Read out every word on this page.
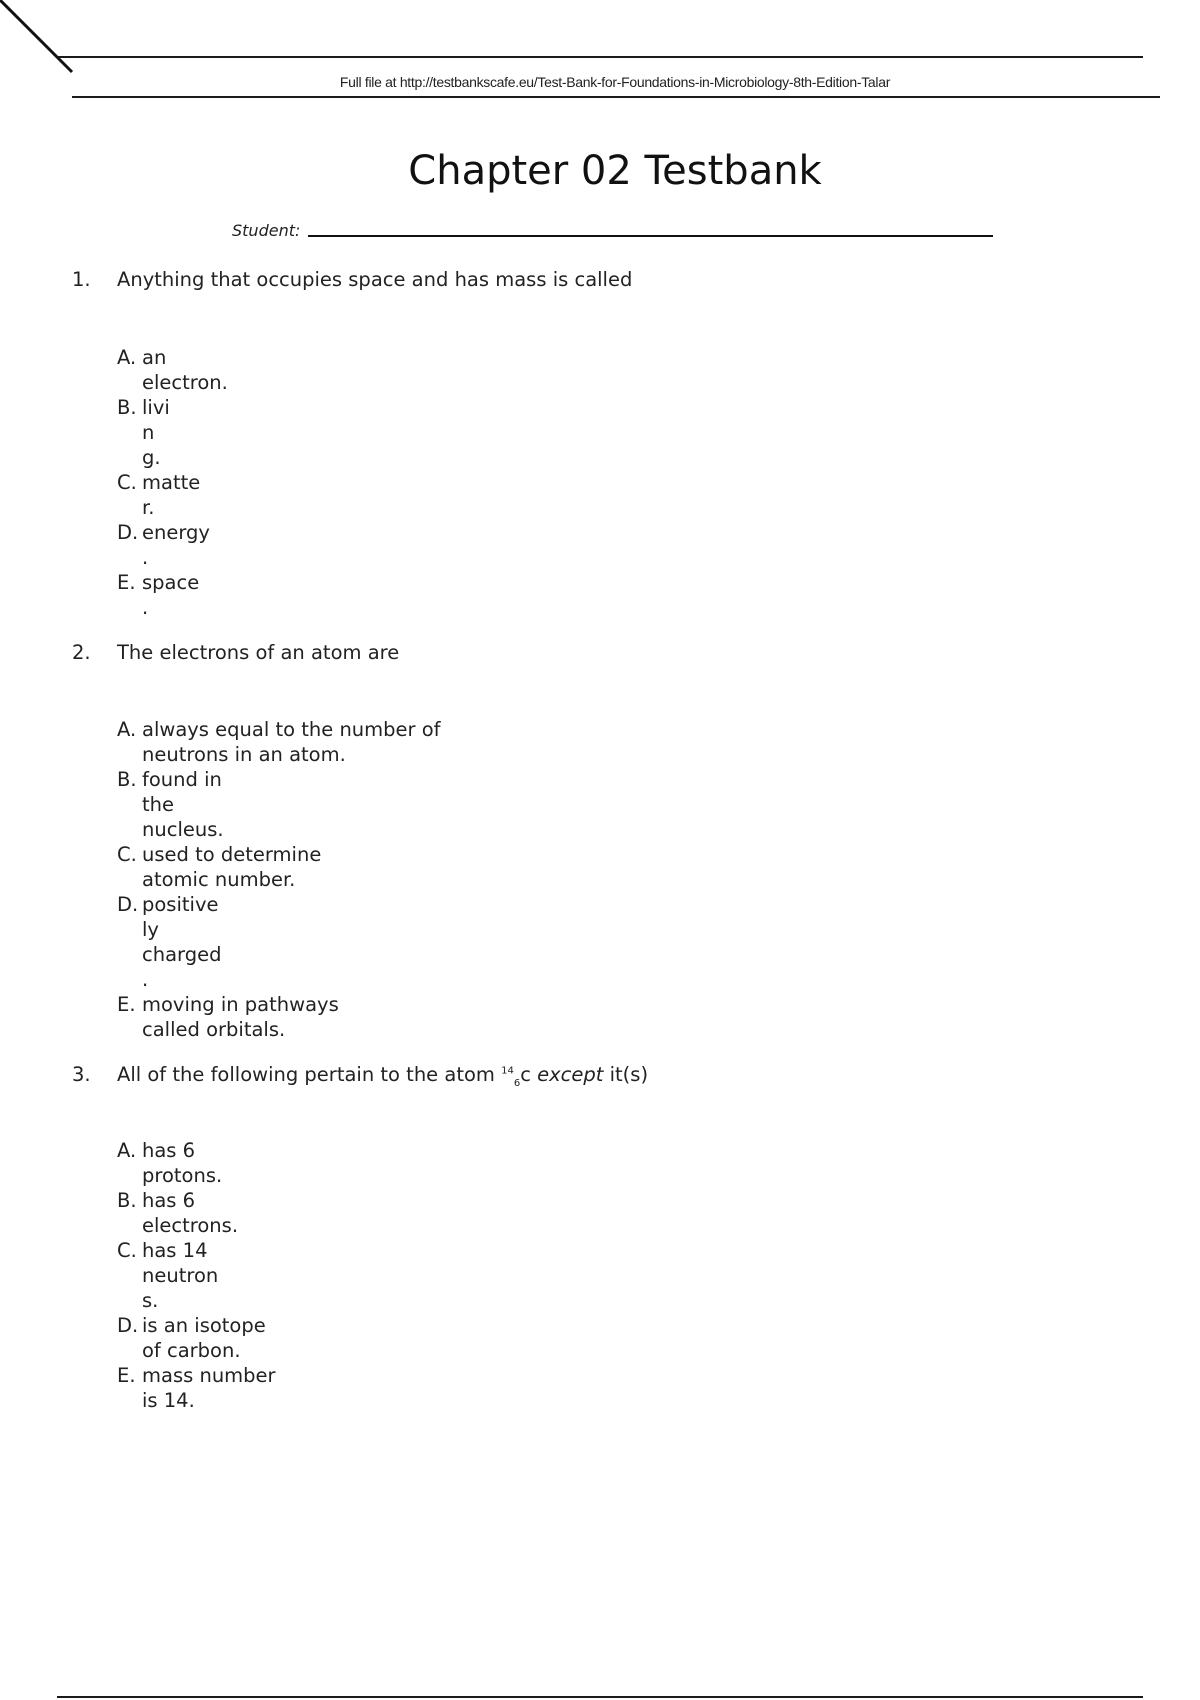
Full file at http://testbankscafe.eu/Test-Bank-for-Foundations-in-Microbiology-8th-Edition-Talar
Chapter 02 Testbank
Student:
1. Anything that occupies space and has mass is called
A. an
electron.
B. livi
n
g.
C. matte
r.
D. energy
.
E. space
.
2. The electrons of an atom are
A. always equal to the number of
neutrons in an atom.
B. found in
the
nucleus.
C. used to determine
atomic number.
D. positive
ly
charged
.
E. moving in pathways
called orbitals.
3. All of the following pertain to the atom $^{14}_6$c except it(s)
A. has 6
protons.
B. has 6
electrons.
C. has 14
neutron
s.
D. is an isotope
of carbon.
E. mass number
is 14.
